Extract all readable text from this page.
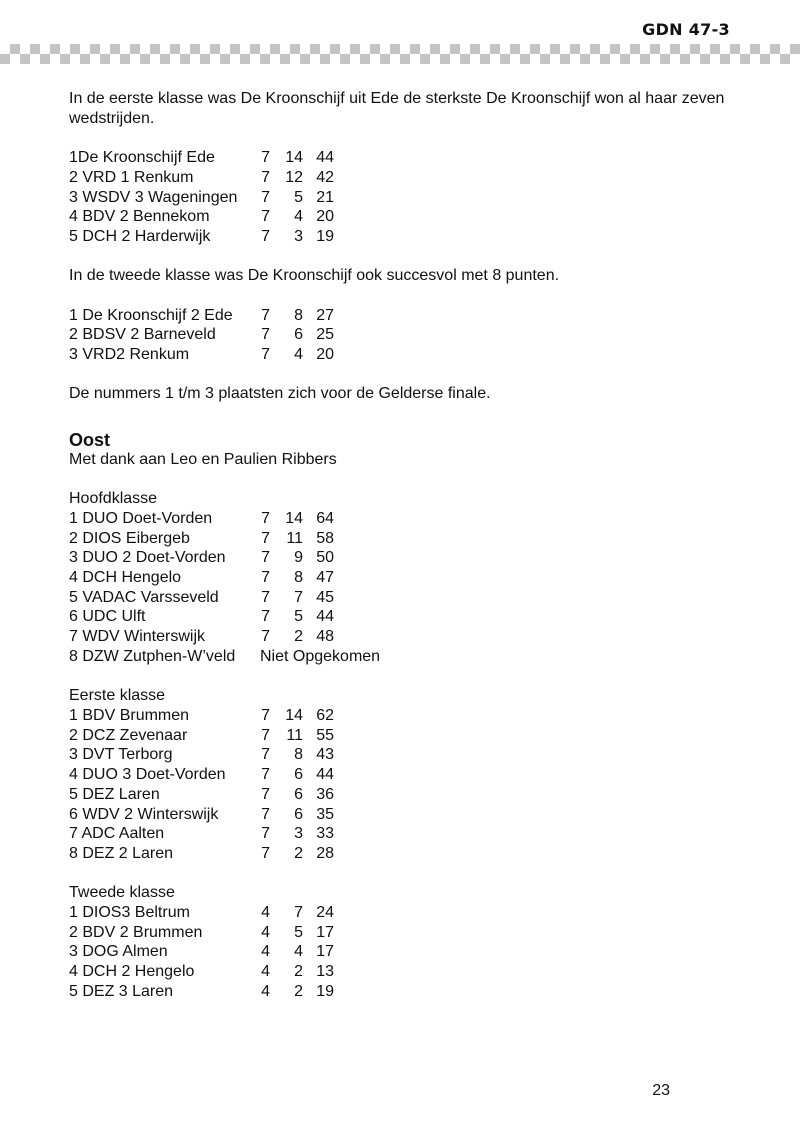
GDN 47-3

In de eerste klasse was De Kroonschijf uit Ede de sterkste De Kroonschijf won al haar zeven wedstrijden.

1De Kroonschijf Ede	7	14	44
2 VRD 1 Renkum	7	12	42
3 WSDV 3 Wageningen	7	5	21
4 BDV 2 Bennekom	7	4	20
5 DCH 2 Harderwijk	7	3	19

In de tweede klasse was De Kroonschijf ook succesvol met 8 punten.

1 De Kroonschijf 2 Ede	7	8	27
2 BDSV 2 Barneveld	7	6	25
3 VRD2 Renkum	7	4	20

De nummers 1 t/m 3 plaatsten zich voor de Gelderse finale.

Oost

Met dank aan Leo en Paulien Ribbers

Hoofdklasse

1 DUO Doet-Vorden	7	14	64
2 DIOS Eibergeb	7	11	58
3 DUO 2 Doet-Vorden	7	9	50
4 DCH Hengelo	7	8	47
5 VADAC Varsseveld	7	7	45
6 UDC Ulft	7	5	44
7 WDV Winterswijk	7	2	48
8 DZW Zutphen-W’veld	Niet Opgekomen

Eerste klasse

1 BDV Brummen	7	14	62
2 DCZ Zevenaar	7	11	55
3 DVT Terborg	7	8	43
4 DUO 3 Doet-Vorden	7	6	44
5 DEZ Laren	7	6	36
6 WDV 2 Winterswijk	7	6	35
7 ADC Aalten	7	3	33
8 DEZ 2 Laren	7	2	28

Tweede klasse

1 DIOS3 Beltrum	4	7	24
2 BDV 2 Brummen	4	5	17
3 DOG Almen	4	4	17
4 DCH 2 Hengelo	4	2	13
5 DEZ 3 Laren	4	2	19
23
